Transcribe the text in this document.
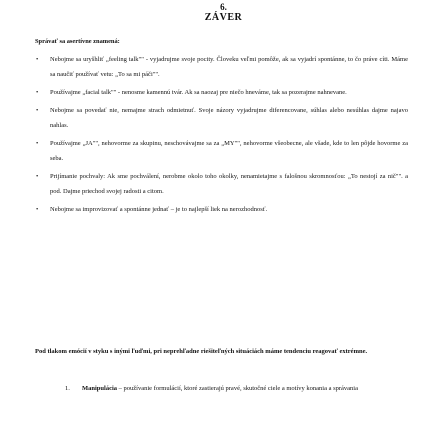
6.
ZÁVER
Správať sa asertívne znamená:
• Nebojme sa uryšhliť „feeling talk"" - vyjadrujme svoje pocity. Človeku veľmi pomôže, ak sa vyjadrí spontánne, to čo práve cíti. Máme sa naučiť používať vetu: „To sa mi páči"".
• Používajme „facial talk"" - nenosme kamennú tvár. Ak sa naozaj pre niečo hneváme, tak sa pozerajme nahnevane.
• Nebojme sa povedať nie, nemajme strach odmietnuť. Svoje názory vyjadrujme diferencovane, súhlas alebo nesúhlas dajme najavo nahlas.
• Používajme „JA"", nehovorme za skupinu, neschovávajme sa za „MY"", nehovorme všeobecne, ale všade, kde to len pôjde hovorme za seba.
• Prijímanie pochvaly: Ak sme pochválení, nerobme okolo toho okolky, nenamietajme s falošnou skromnosťou: „To nestojí za nič"". a pod. Dajme priechod svojej radosti a citom.
• Nebojme sa improvizovať a spontánne jednať – je to najlepší liek na nerozhodnosť.
Pod tlakom emócií v styku s inými ľuďmi, pri neprehľadne riešiteľných situáciách máme tendenciu reagovať extrémne.
1.	Manipulácia – používanie formulácií, ktoré zastierajú pravé, skutočné ciele a motívy konania a správania
